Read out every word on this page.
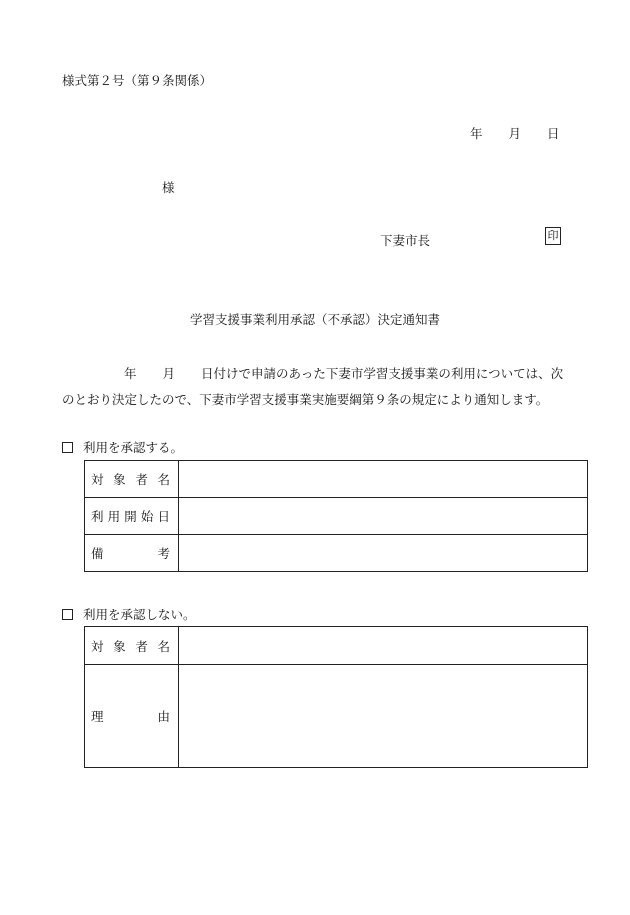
様式第２号（第９条関係）
年 月 日
様
下妻市長	印
学習支援事業利用承認（不承認）決定通知書
年 月 日付けで申請のあった下妻市学習支援事業の利用については、次
のとおり決定したので、下妻市学習支援事業実施要綱第９条の規定により通知します。
利用を承認する。
対 象 者 名	

利 用 開 始 日	

備 考	

利用を承認しない。
対 象 者 名	

理 由	
